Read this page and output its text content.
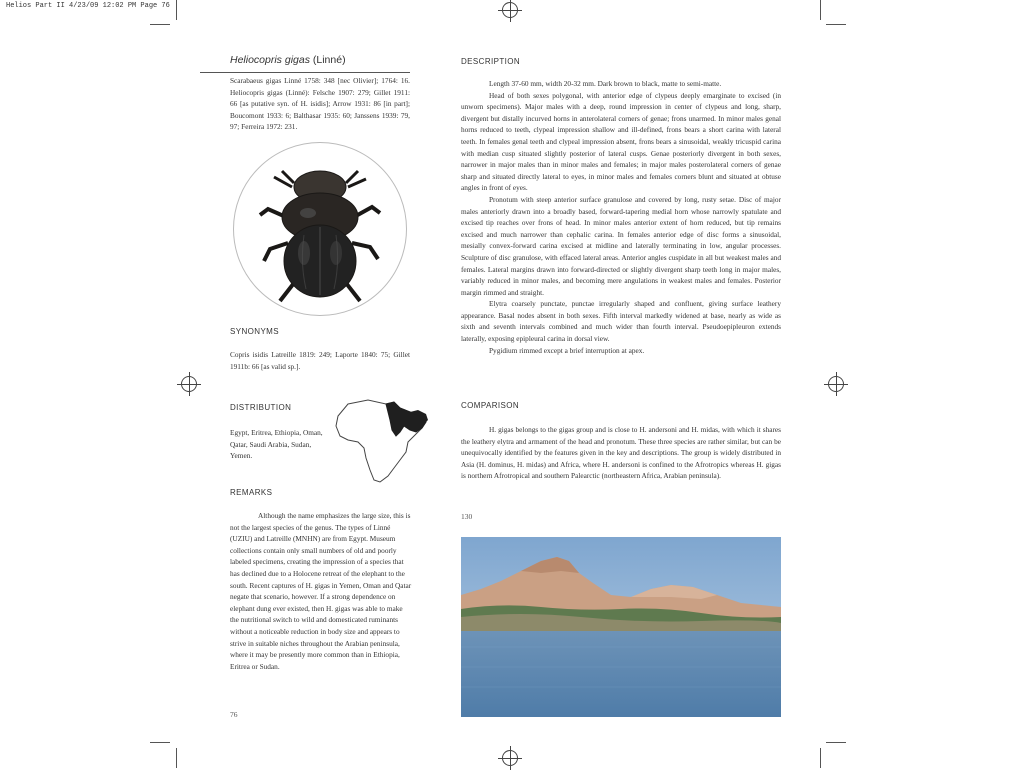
Helios Part II 4/23/09 12:02 PM Page 76
Heliocopris gigas (Linné)
Scarabaeus gigas Linné 1758: 348 [nec Olivier]; 1764: 16. Heliocopris gigas (Linné): Felsche 1907: 279; Gillet 1911: 66 [as putative syn. of H. isidis]; Arrow 1931: 86 [in part]; Boucomont 1933: 6; Balthasar 1935: 60; Janssens 1939: 79, 97; Ferreira 1972: 231.
SYNONYMS
Copris isidis Latreille 1819: 249; Laporte 1840: 75; Gillet 1911b: 66 [as valid sp.].
DISTRIBUTION
Egypt, Eritrea, Ethiopia, Oman, Qatar, Saudi Arabia, Sudan, Yemen.
REMARKS

Although the name emphasizes the large size, this is not the largest species of the genus. The types of Linné (UZIU) and Latreille (MNHN) are from Egypt. Museum collections contain only small numbers of old and poorly labeled specimens, creating the impression of a species that has declined due to a Holocene retreat of the elephant to the south. Recent captures of H. gigas in Yemen, Oman and Qatar negate that scenario, however. If a strong dependence on elephant dung ever existed, then H. gigas was able to make the nutritional switch to wild and domesticated ruminants without a noticeable reduction in body size and appears to strive in suitable niches throughout the Arabian peninsula, where it may be presently more common than in Ethiopia, Eritrea or Sudan.

76
DESCRIPTION

Length 37-60 mm, width 20-32 mm. Dark brown to black, matte to semi-matte.

Head of both sexes polygonal, with anterior edge of clypeus deeply emarginate to excised (in unworn specimens). Major males with a deep, round impression in center of clypeus and long, sharp, divergent but distally incurved horns in anterolateral corners of genae; frons unarmed. In minor males genal horns reduced to teeth, clypeal impression shallow and ill-defined, frons bears a short carina with lateral teeth. In females genal teeth and clypeal impression absent, frons bears a sinusoidal, weakly tricuspid carina with median cusp situated slightly posterior of lateral cusps. Genae posteriorly divergent in both sexes, narrower in major males than in minor males and females; in major males posterolateral corners of genae sharp and situated directly lateral to eyes, in minor males and females corners blunt and situated at obtuse angles in front of eyes.

Pronotum with steep anterior surface granulose and covered by long, rusty setae. Disc of major males anteriorly drawn into a broadly based, forward-tapering medial horn whose narrowly spatulate and excised tip reaches over frons of head. In minor males anterior extent of horn reduced, but tip remains excised and much narrower than cephalic carina. In females anterior edge of disc forms a sinusoidal, mesially convex-forward carina excised at midline and laterally terminating in low, angular processes. Sculpture of disc granulose, with effaced lateral areas. Anterior angles cuspidate in all but weakest males and females. Lateral margins drawn into forward-directed or slightly divergent sharp teeth long in major males, variably reduced in minor males, and becoming mere angulations in weakest males and females. Posterior margin rimmed and straight.

Elytra coarsely punctate, punctae irregularly shaped and confluent, giving surface leathery appearance. Basal nodes absent in both sexes. Fifth interval markedly widened at base, nearly as wide as sixth and seventh intervals combined and much wider than fourth interval. Pseudoepipleuron extends laterally, exposing epipleural carina in dorsal view.

Pygidium rimmed except a brief interruption at apex.

COMPARISON

H. gigas belongs to the gigas group and is close to H. andersoni and H. midas, with which it shares the leathery elytra and armament of the head and pronotum. These three species are rather similar, but can be unequivocally identified by the features given in the key and descriptions. The group is widely distributed in Asia (H. dominus, H. midas) and Africa, where H. andersoni is confined to the Afrotropics whereas H. gigas is northern Afrotropical and southern Palearctic (northeastern Africa, Arabian peninsula).

130
